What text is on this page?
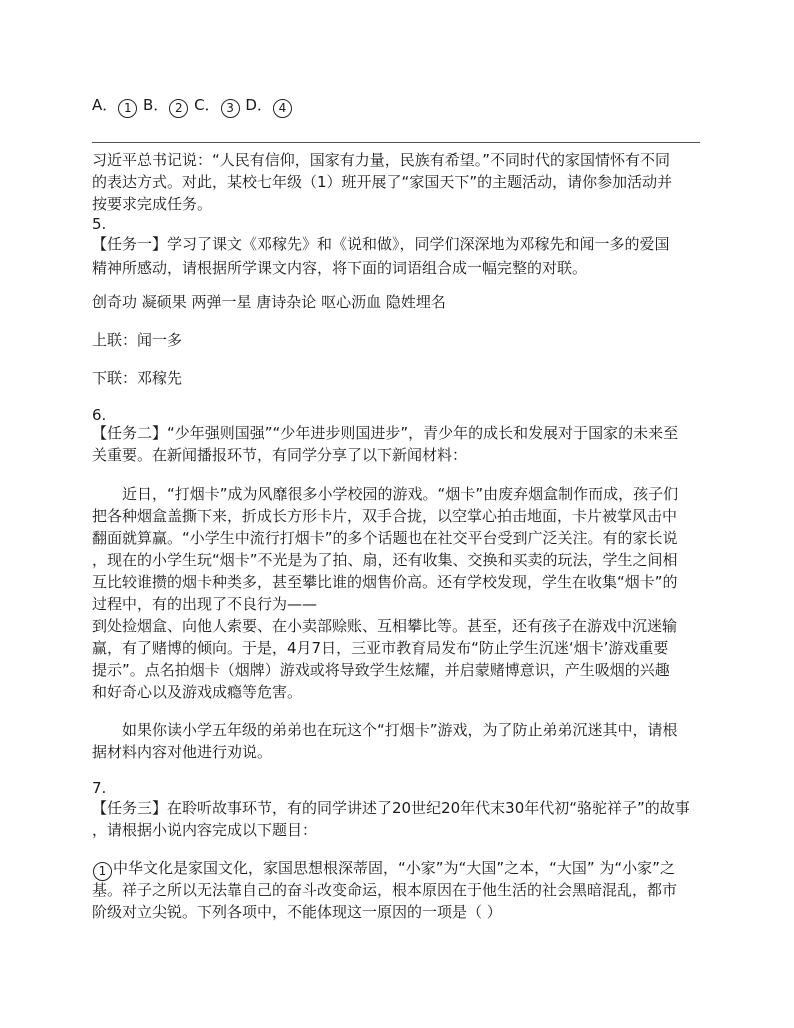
A． 1 B． 2 C． 3 D． 4
习近平总书记说：“人民有信仰，国家有力量，民族有希望。”不同时代的家国情怀有不同
的表达方式。对此，某校七年级（1）班开展了“家国天下”的主题活动，请你参加活动并
按要求完成任务。
5.
【任务一】学习了课文《邓稼先》和《说和做》，同学们深深地为邓稼先和闻一多的爱国
精神所感动，请根据所学课文内容，将下面的词语组合成一幅完整的对联。
创奇功 凝硕果 两弹一星 唐诗杂论 呕心沥血 隐姓埋名
上联：闻一多
下联：邓稼先
6.
【任务二】“少年强则国强”“少年进步则国进步”，青少年的成长和发展对于国家的未来至
关重要。在新闻播报环节，有同学分享了以下新闻材料：
近日，“打烟卡”成为风靡很多小学校园的游戏。“烟卡”由废弃烟盒制作而成，孩子们
把各种烟盒盖撕下来，折成长方形卡片，双手合拢，以空掌心拍击地面，卡片被掌风击中
翻面就算赢。“小学生中流行打烟卡”的多个话题也在社交平台受到广泛关注。有的家长说
，现在的小学生玩“烟卡”不光是为了拍、扇，还有收集、交换和买卖的玩法，学生之间相
互比较谁攒的烟卡种类多，甚至攀比谁的烟售价高。还有学校发现，学生在收集“烟卡”的
过程中，有的出现了不良行为——
到处捡烟盒、向他人索要、在小卖部赊账、互相攀比等。甚至，还有孩子在游戏中沉迷输
赢，有了赌博的倾向。于是，4月7日，三亚市教育局发布“防止学生沉迷‘烟卡’游戏重要
提示”。点名拍烟卡（烟牌）游戏或将导致学生炫耀，并启蒙赌博意识，产生吸烟的兴趣
和好奇心以及游戏成瘾等危害。
如果你读小学五年级的弟弟也在玩这个“打烟卡”游戏，为了防止弟弟沉迷其中，请根
据材料内容对他进行劝说。
7.
【任务三】在聆听故事环节，有的同学讲述了20世纪20年代末30年代初“骆驼祥子”的故事
，请根据小说内容完成以下题目：
1 中华文化是家国文化，家国思想根深蒂固，“小家”为“大国”之本，“大国” 为“小家”之
基。祥子之所以无法靠自己的奋斗改变命运，根本原因在于他生活的社会黑暗混乱，都市
阶级对立尖锐。下列各项中，不能体现这一原因的一项是（ ）
